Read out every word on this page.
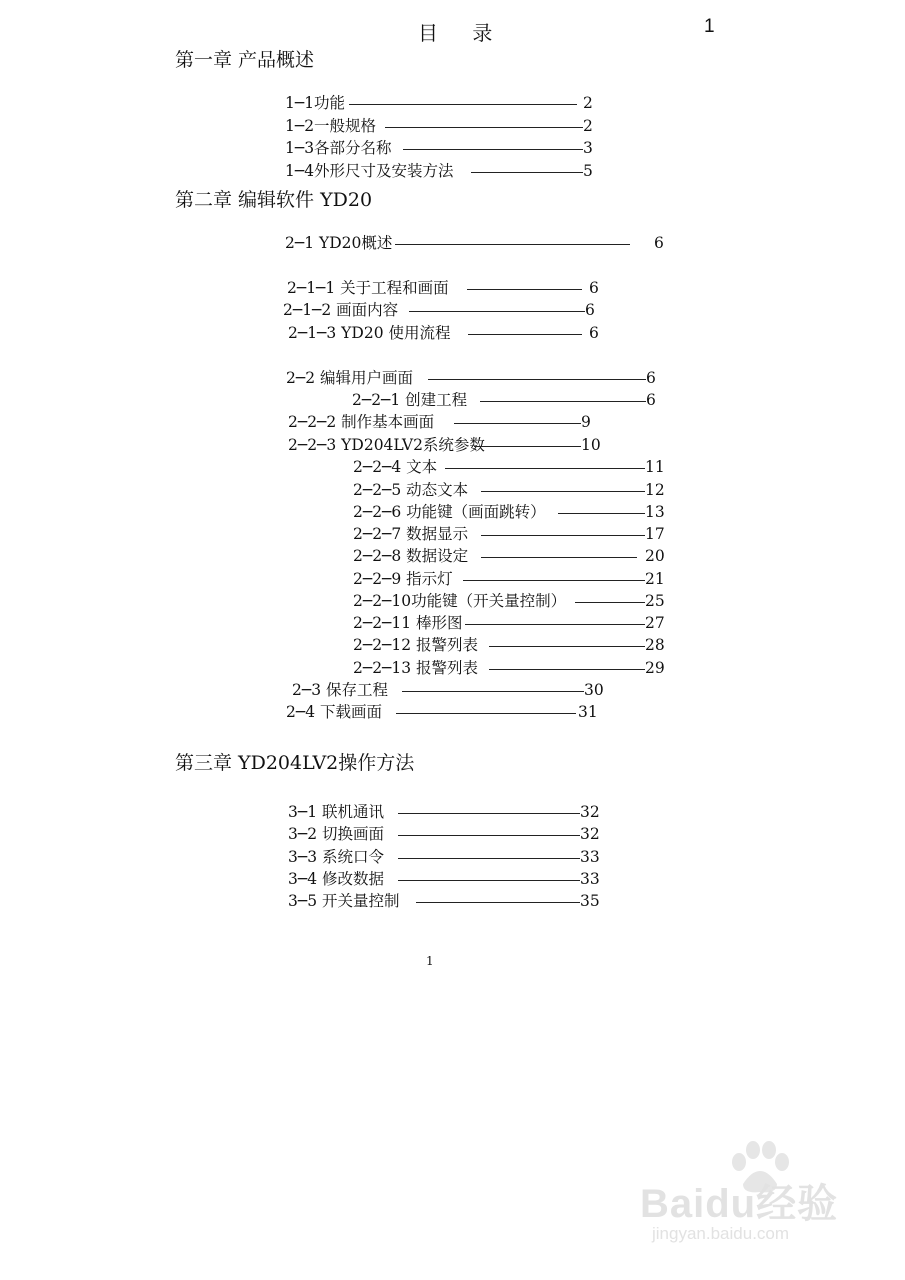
目 录	1
第一章 产品概述
第二章 编辑软件 YD20
第三章 YD204LV2操作方法
1─1功能	2
1─2一般规格	2
1─3各部分名称	3
1─4外形尺寸及安装方法	5
2─1 YD20概述	6
2─1─1 关于工程和画面	6
2─1─2 画面内容	6
2─1─3 YD20 使用流程	6
2─2 编辑用户画面	6
2─2─1 创建工程	6
2─2─2 制作基本画面	9
2─2─3 YD204LV2系统参数	10
2─2─4 文本	11
2─2─5 动态文本	12
2─2─6 功能键（画面跳转）	13
2─2─7 数据显示	17
2─2─8 数据设定	20
2─2─9 指示灯	21
2─2─10功能键（开关量控制）	25
2─2─11 棒形图	27
2─2─12 报警列表	28
2─2─13 报警列表	29
2─3 保存工程	30
2─4 下载画面	31
3─1 联机通讯	32
3─2 切换画面	32
3─3 系统口令	33
3─4 修改数据	33
3─5 开关量控制	35
1
Baidu经验
jingyan.baidu.com
